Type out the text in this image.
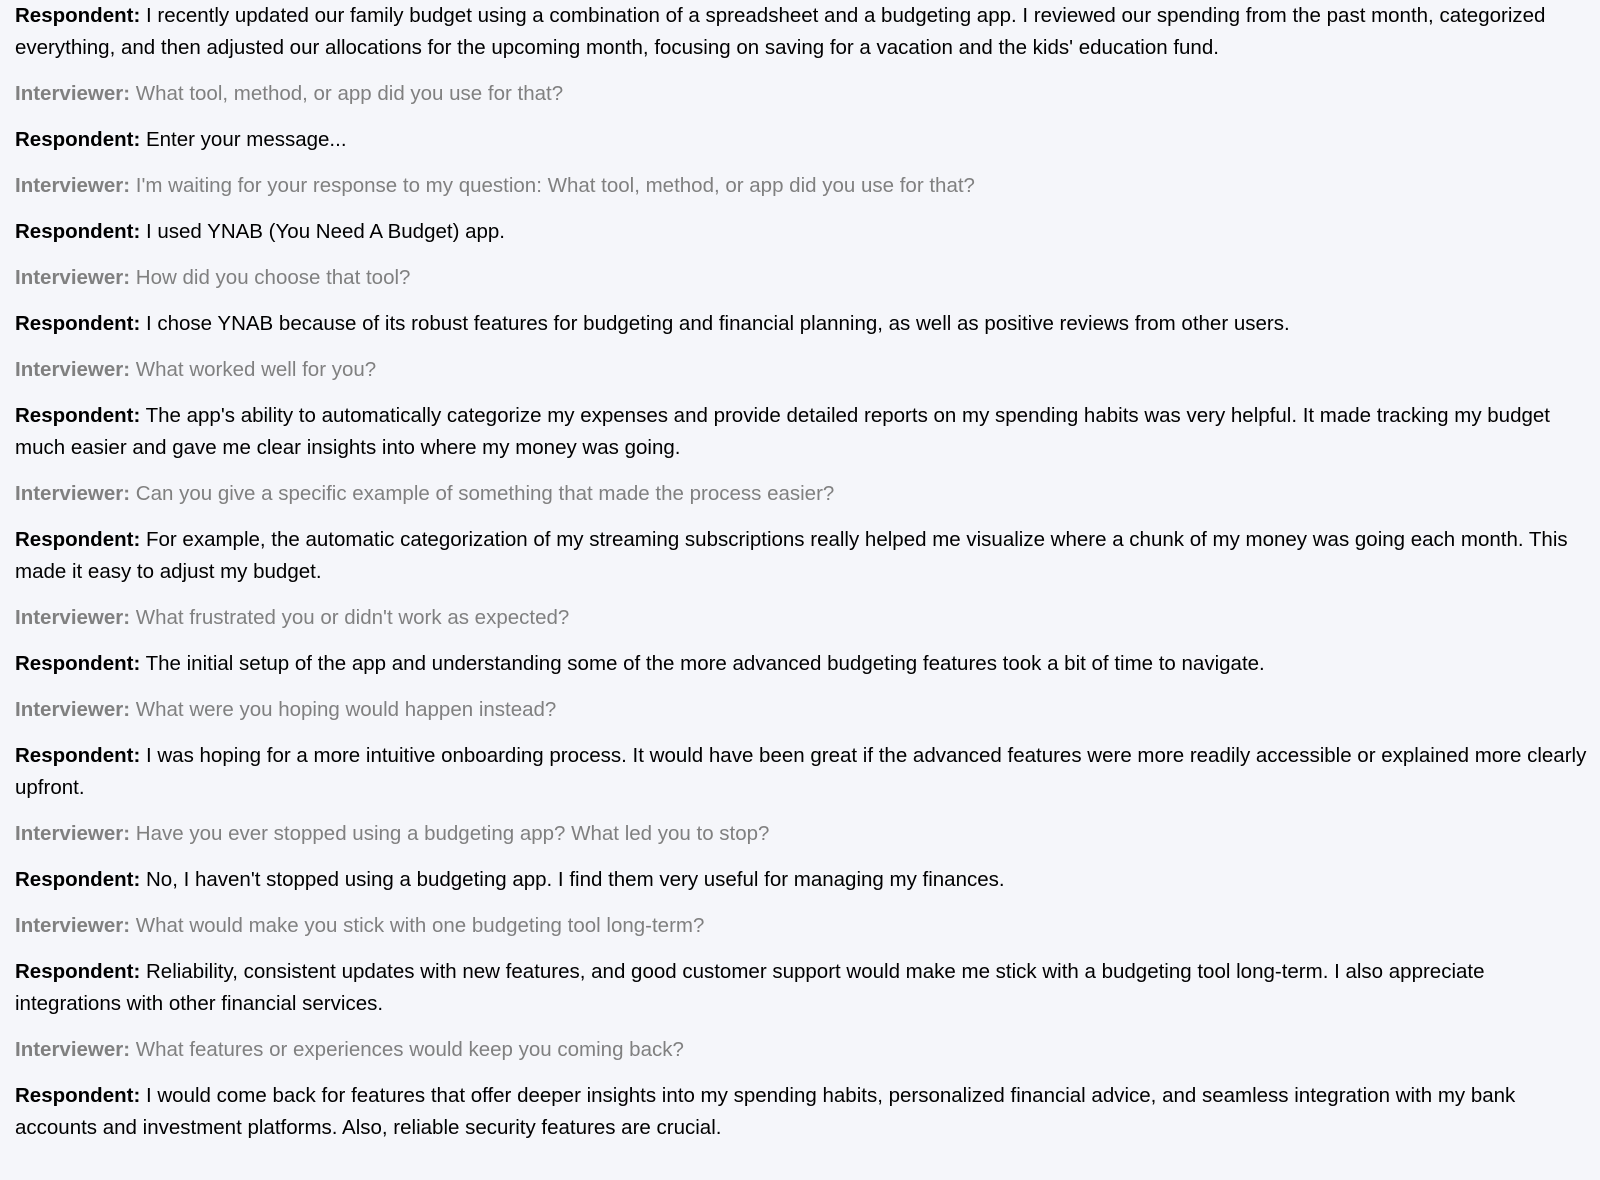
Respondent: I recently updated our family budget using a combination of a spreadsheet and a budgeting app. I reviewed our spending from the past month, categorized everything, and then adjusted our allocations for the upcoming month, focusing on saving for a vacation and the kids' education fund.

Interviewer: What tool, method, or app did you use for that?

Respondent: Enter your message...

Interviewer: I'm waiting for your response to my question: What tool, method, or app did you use for that?

Respondent: I used YNAB (You Need A Budget) app.

Interviewer: How did you choose that tool?

Respondent: I chose YNAB because of its robust features for budgeting and financial planning, as well as positive reviews from other users.

Interviewer: What worked well for you?

Respondent: The app's ability to automatically categorize my expenses and provide detailed reports on my spending habits was very helpful. It made tracking my budget much easier and gave me clear insights into where my money was going.

Interviewer: Can you give a specific example of something that made the process easier?

Respondent: For example, the automatic categorization of my streaming subscriptions really helped me visualize where a chunk of my money was going each month. This made it easy to adjust my budget.

Interviewer: What frustrated you or didn't work as expected?

Respondent: The initial setup of the app and understanding some of the more advanced budgeting features took a bit of time to navigate.

Interviewer: What were you hoping would happen instead?

Respondent: I was hoping for a more intuitive onboarding process. It would have been great if the advanced features were more readily accessible or explained more clearly upfront.

Interviewer: Have you ever stopped using a budgeting app? What led you to stop?

Respondent: No, I haven't stopped using a budgeting app. I find them very useful for managing my finances.

Interviewer: What would make you stick with one budgeting tool long-term?

Respondent: Reliability, consistent updates with new features, and good customer support would make me stick with a budgeting tool long-term. I also appreciate integrations with other financial services.

Interviewer: What features or experiences would keep you coming back?

Respondent: I would come back for features that offer deeper insights into my spending habits, personalized financial advice, and seamless integration with my bank accounts and investment platforms. Also, reliable security features are crucial.
